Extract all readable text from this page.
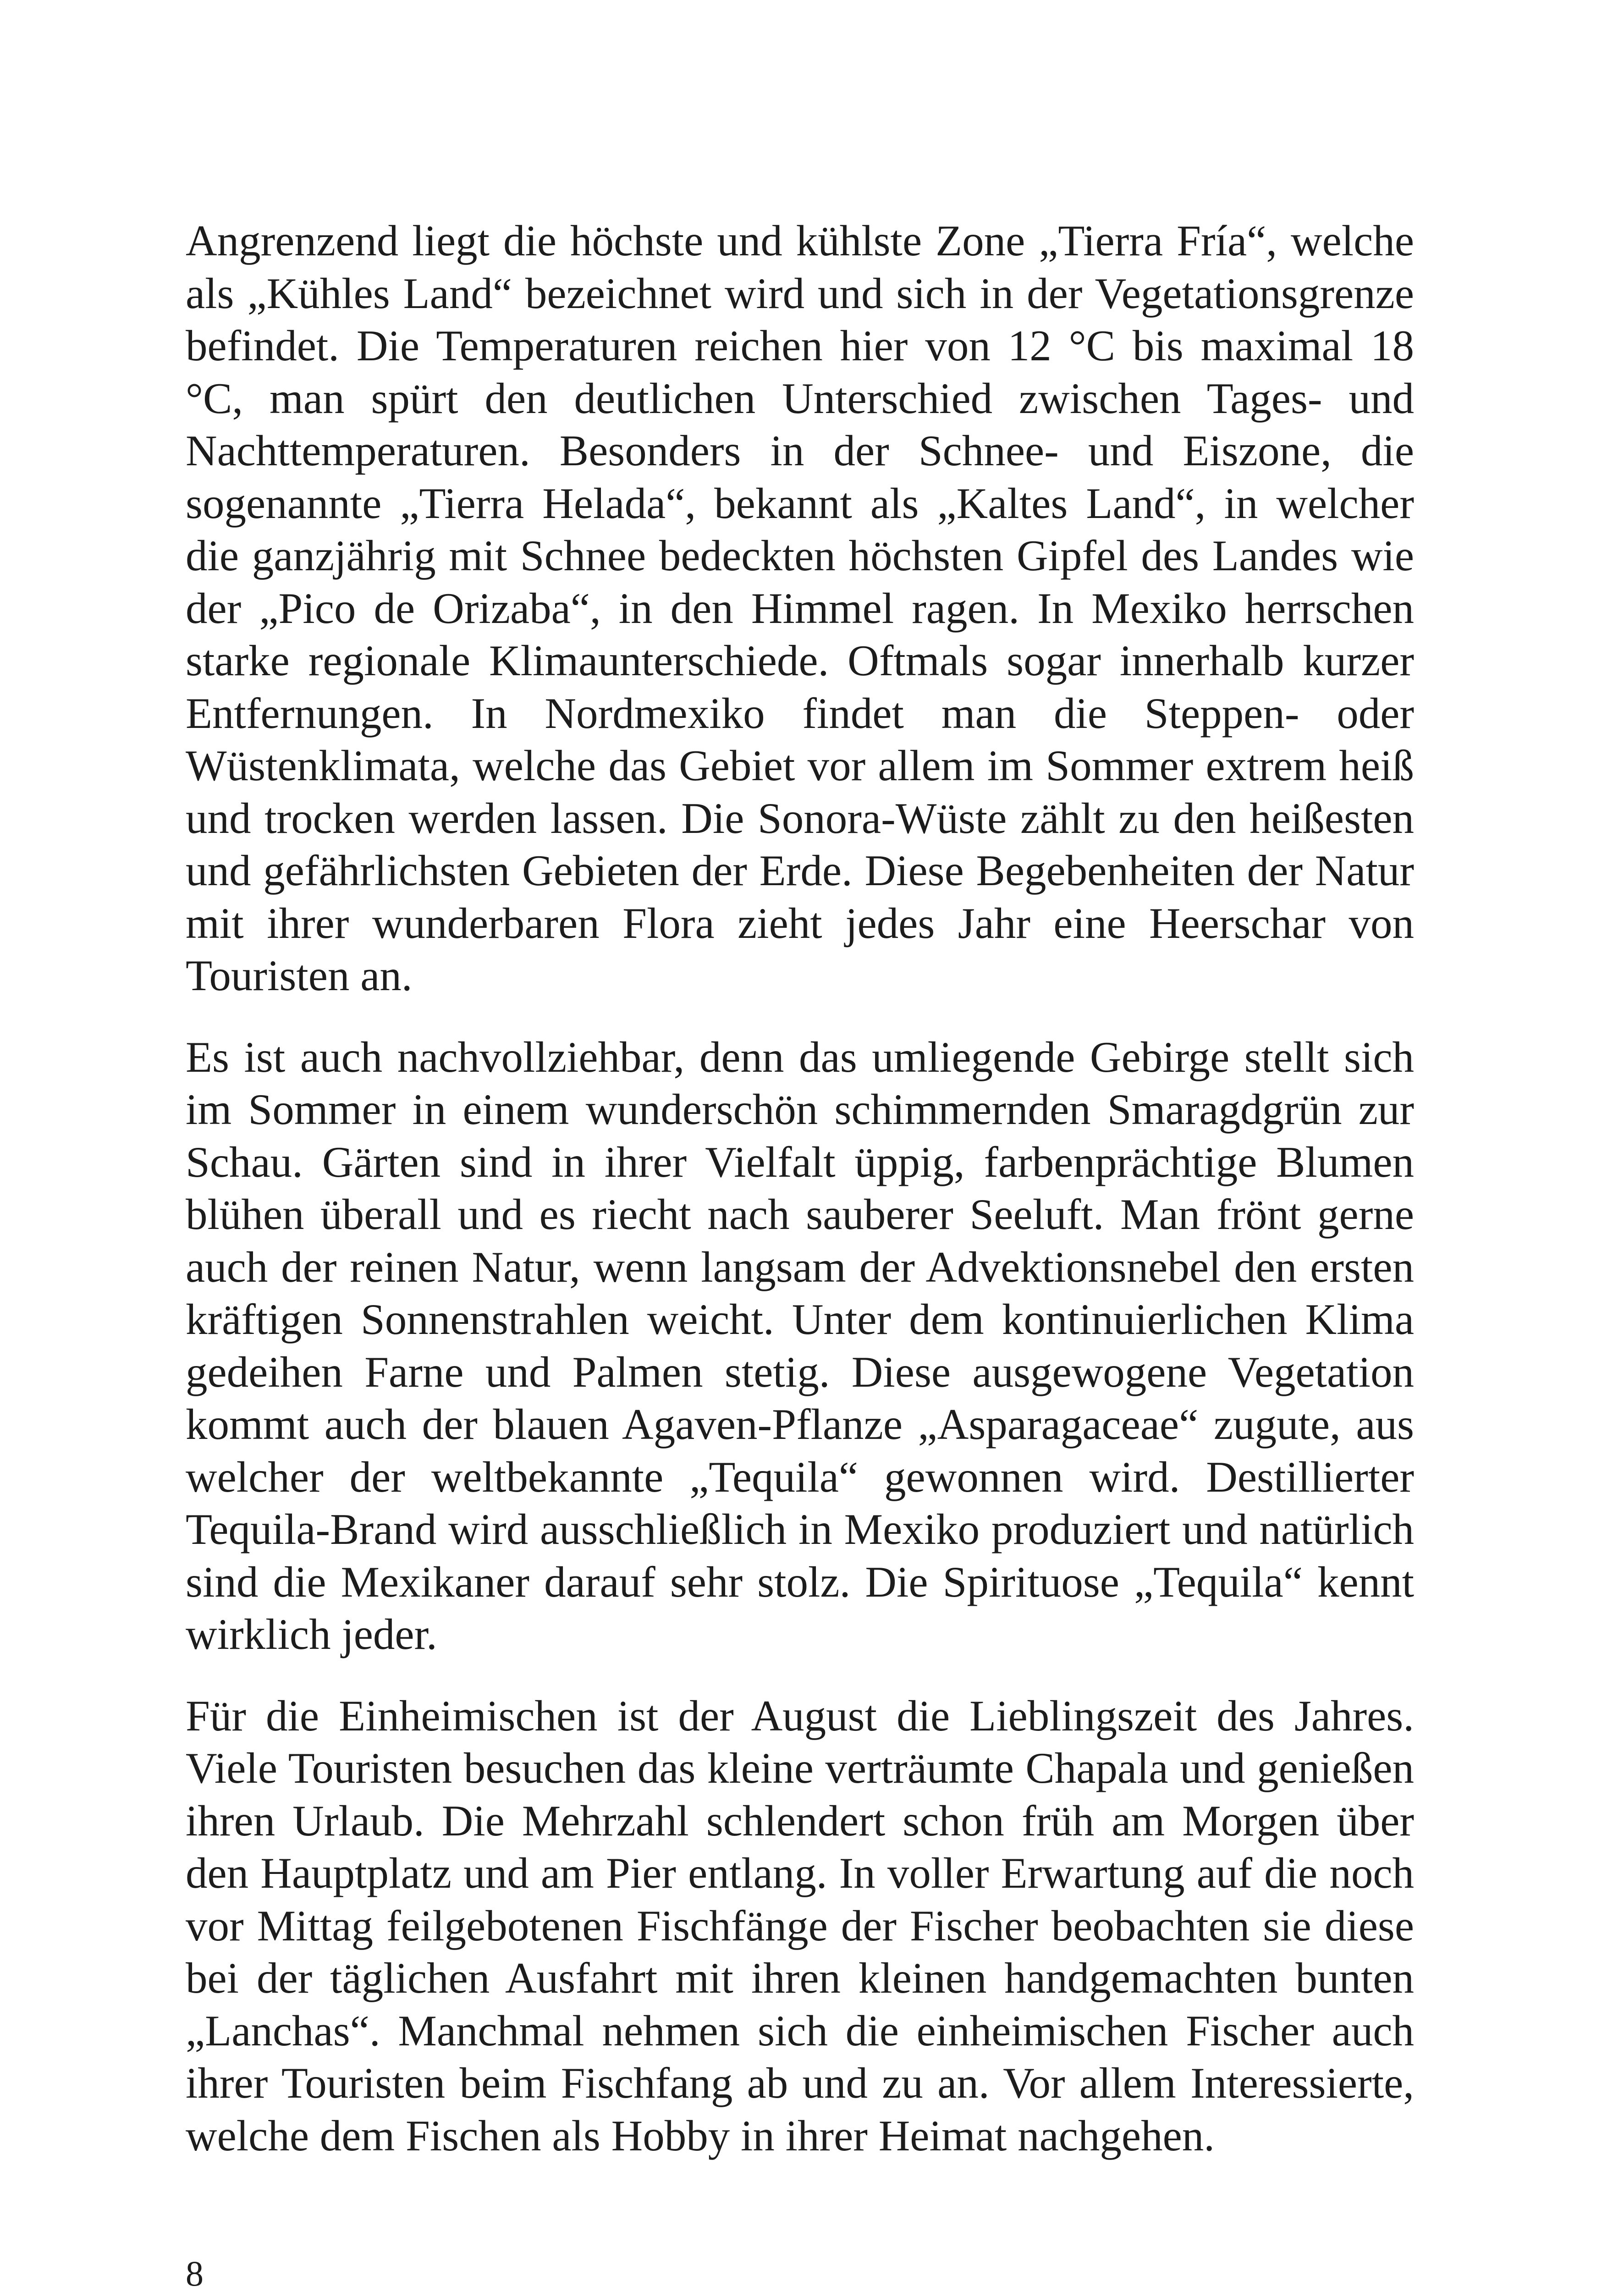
Angrenzend liegt die höchste und kühlste Zone „Tierra Fría“, welche als „Kühles Land“ bezeichnet wird und sich in der Vegetationsgrenze befindet. Die Temperaturen reichen hier von 12 °C bis maximal 18 °C, man spürt den deutlichen Unterschied zwischen Tages- und Nachttemperaturen. Besonders in der Schnee- und Eiszone, die sogenannte „Tierra Helada“, bekannt als „Kaltes Land“, in welcher die ganzjährig mit Schnee bedeckten höchsten Gipfel des Landes wie der „Pico de Orizaba“, in den Himmel ragen. In Mexiko herrschen starke regionale Klimaunterschiede. Oftmals sogar innerhalb kurzer Entfernungen. In Nordmexiko findet man die Steppen- oder Wüstenklimata, welche das Gebiet vor allem im Sommer extrem heiß und trocken werden lassen. Die Sonora-Wüste zählt zu den heißesten und gefährlichsten Gebieten der Erde. Diese Begebenheiten der Natur mit ihrer wunderbaren Flora zieht jedes Jahr eine Heerschar von Touristen an.

Es ist auch nachvollziehbar, denn das umliegende Gebirge stellt sich im Sommer in einem wunderschön schimmernden Smaragdgrün zur Schau. Gärten sind in ihrer Vielfalt üppig, farbenprächtige Blumen blühen überall und es riecht nach sauberer Seeluft. Man frönt gerne auch der reinen Natur, wenn langsam der Advektionsnebel den ersten kräftigen Sonnenstrahlen weicht. Unter dem kontinuierlichen Klima gedeihen Farne und Palmen stetig. Diese ausgewogene Vegetation kommt auch der blauen Agaven-Pflanze „Asparagaceae“ zugute, aus welcher der weltbekannte „Tequila“ gewonnen wird. Destillierter Tequila-Brand wird ausschließlich in Mexiko produziert und natürlich sind die Mexikaner darauf sehr stolz. Die Spirituose „Tequila“ kennt wirklich jeder.

Für die Einheimischen ist der August die Lieblingszeit des Jahres. Viele Touristen besuchen das kleine verträumte Chapala und genießen ihren Urlaub. Die Mehrzahl schlendert schon früh am Morgen über den Hauptplatz und am Pier entlang. In voller Erwartung auf die noch vor Mittag feilgebotenen Fischfänge der Fischer beobachten sie diese bei der täglichen Ausfahrt mit ihren kleinen handgemachten bunten „Lanchas“. Manchmal nehmen sich die einheimischen Fischer auch ihrer Touristen beim Fischfang ab und zu an. Vor allem Interessierte, welche dem Fischen als Hobby in ihrer Heimat nachgehen.

8
